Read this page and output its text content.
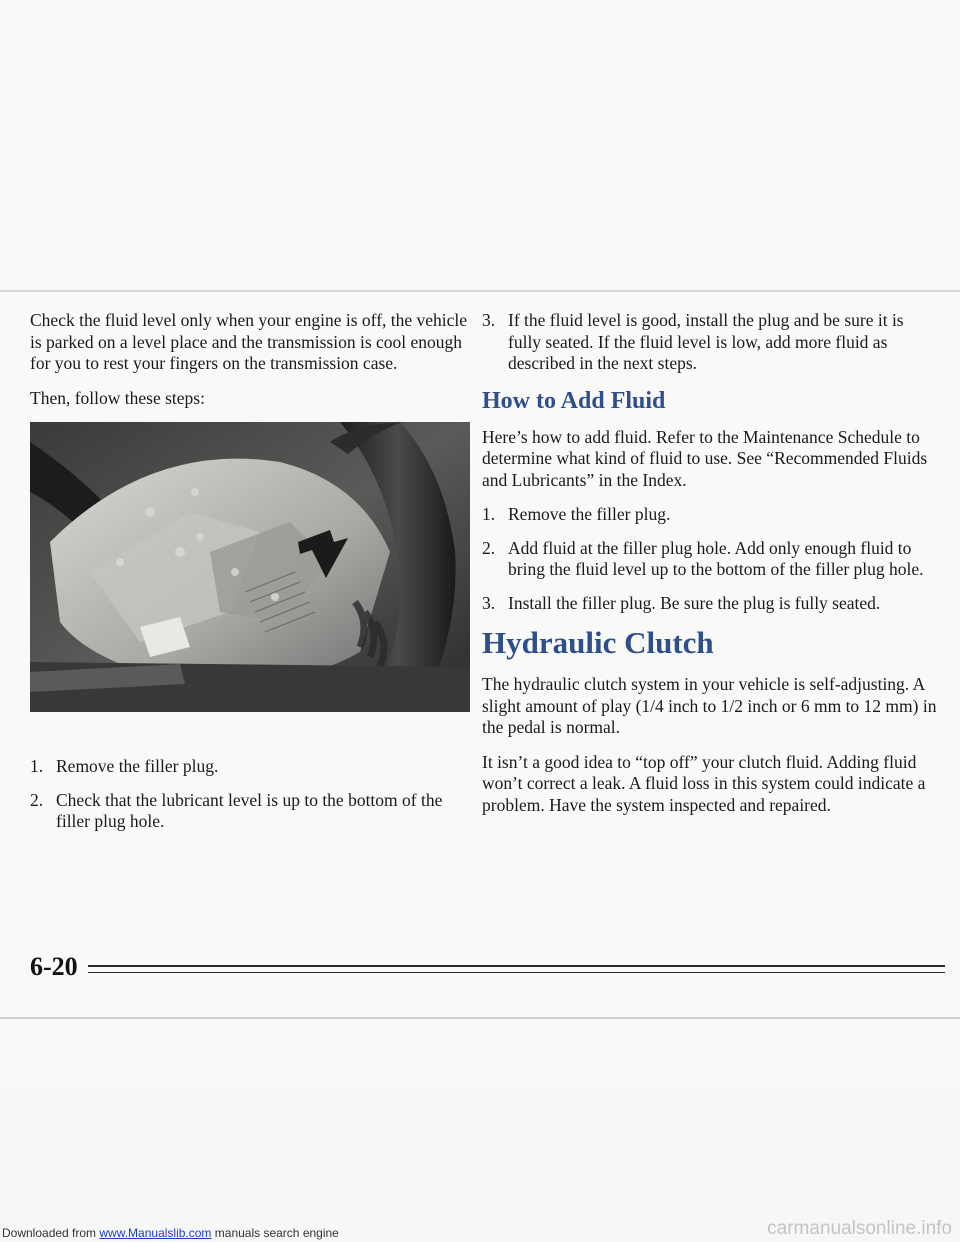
Check the fluid level only when your engine is off, the vehicle is parked on a level place and the transmission is cool enough for you to rest your fingers on the transmission case.

Then, follow these steps:

1. Remove the filler plug.
2. Check that the lubricant level is up to the bottom of the filler plug hole.
3. If the fluid level is good, install the plug and be sure it is fully seated. If the fluid level is low, add more fluid as described in the next steps.
How to Add Fluid

Here’s how to add fluid. Refer to the Maintenance Schedule to determine what kind of fluid to use. See “Recommended Fluids and Lubricants” in the Index.

1. Remove the filler plug.
2. Add fluid at the filler plug hole. Add only enough fluid to bring the fluid level up to the bottom of the filler plug hole.
3. Install the filler plug. Be sure the plug is fully seated.
Hydraulic Clutch

The hydraulic clutch system in your vehicle is self-adjusting. A slight amount of play (1/4 inch to 1/2 inch or 6 mm to 12 mm) in the pedal is normal.

It isn’t a good idea to “top off” your clutch fluid. Adding fluid won’t correct a leak. A fluid loss in this system could indicate a problem. Have the system inspected and repaired.

6-20
Downloaded from www.Manualslib.com manuals search engine	carmanualsonline.info
